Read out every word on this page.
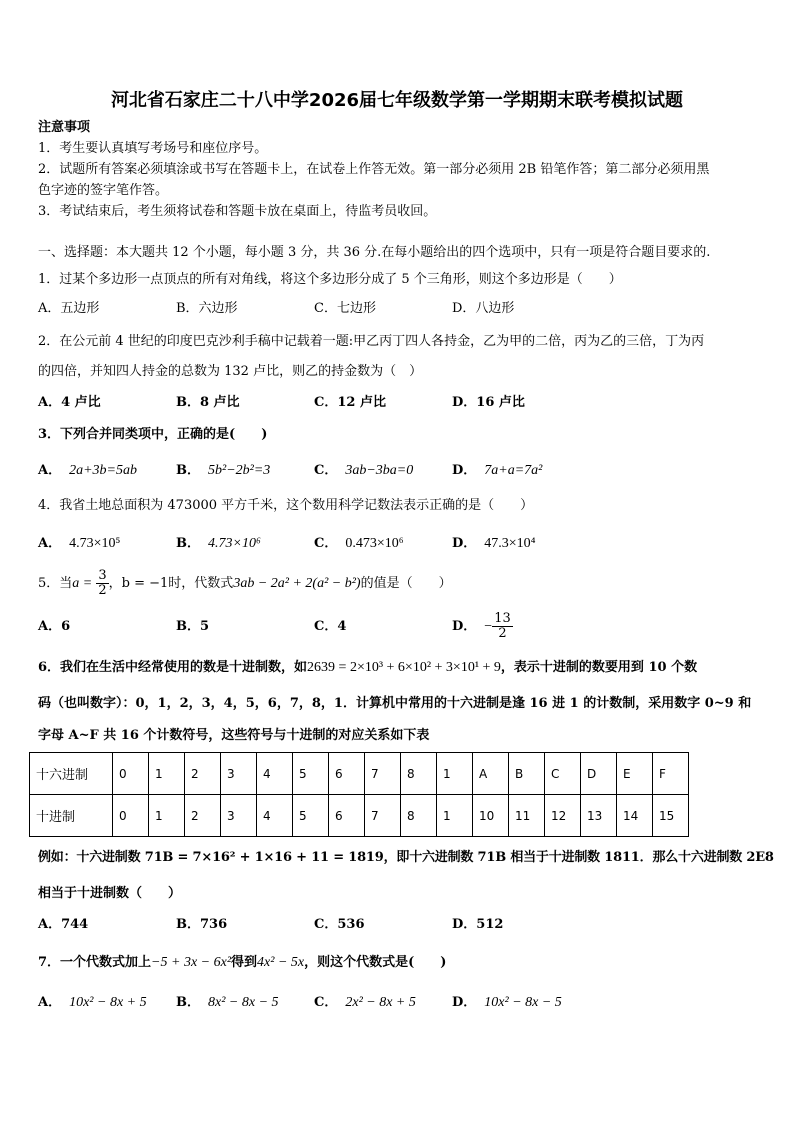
河北省石家庄二十八中学2026届七年级数学第一学期期末联考模拟试题
注意事项
1．考生要认真填写考场号和座位序号。
2．试题所有答案必须填涂或书写在答题卡上，在试卷上作答无效。第一部分必须用 2B 铅笔作答；第二部分必须用黑
色字迹的签字笔作答。
3．考试结束后，考生须将试卷和答题卡放在桌面上，待监考员收回。
一、选择题：本大题共 12 个小题，每小题 3 分，共 36 分.在每小题给出的四个选项中，只有一项是符合题目要求的.
1．过某个多边形一点顶点的所有对角线，将这个多边形分成了 5 个三角形，则这个多边形是（　　）
A．五边形	B．六边形	C．七边形	D．八边形
2．在公元前 4 世纪的印度巴克沙利手稿中记载着一题:甲乙丙丁四人各持金，乙为甲的二倍，丙为乙的三倍，丁为丙
的四倍，并知四人持金的总数为 132 卢比，则乙的持金数为（　）
A．4 卢比	B．8 卢比	C．12 卢比	D．16 卢比
3．下列合并同类项中，正确的是(　　)
A． 2a+3b=5ab	B． 5b²−2b²=3	C． 3ab−3ba=0	D． 7a+a=7a²
4．我省土地总面积为 473000 平方千米，这个数用科学记数法表示正确的是（　　）
A． 4.73×10⁵	B． 4.73×10⁶	C． 0.473×10⁶	D． 47.3×10⁴
5．当$a = \frac{3}{2}$ ，b = −1时，代数式3ab − 2a² + 2(a² − b²)的值是（　　）
A．6	B．5	C．4	D． − $\frac{13}{2}$
6．我们在生活中经常使用的数是十进制数，如2639 = 2×10³ + 6×10² + 3×10¹ + 9，表示十进制的数要用到 10 个数
码（也叫数字）：0，1，2，3，4，5，6，7，8，1．计算机中常用的十六进制是逢 16 进 1 的计数制，采用数字 0~9 和
字母 A~F 共 16 个计数符号，这些符号与十进制的对应关系如下表
十六进制	0	1	2	3	4	5	6	7	8	1	A	B	C	D	E	F
十进制	0	1	2	3	4	5	6	7	8	1	10	11	12	13	14	15
例如：十六进制数 71B = 7×16² + 1×16 + 11 = 1819，即十六进制数 71B 相当于十进制数 1811．那么十六进制数 2E8
相当于十进制数（　　）
A．744	B．736	C．536	D．512
7．一个代数式加上−5 + 3x − 6x²得到4x² − 5x，则这个代数式是(　　)
A． 10x² − 8x + 5 B． 8x² − 8x − 5	C． 2x² − 8x + 5	D． 10x² − 8x − 5
